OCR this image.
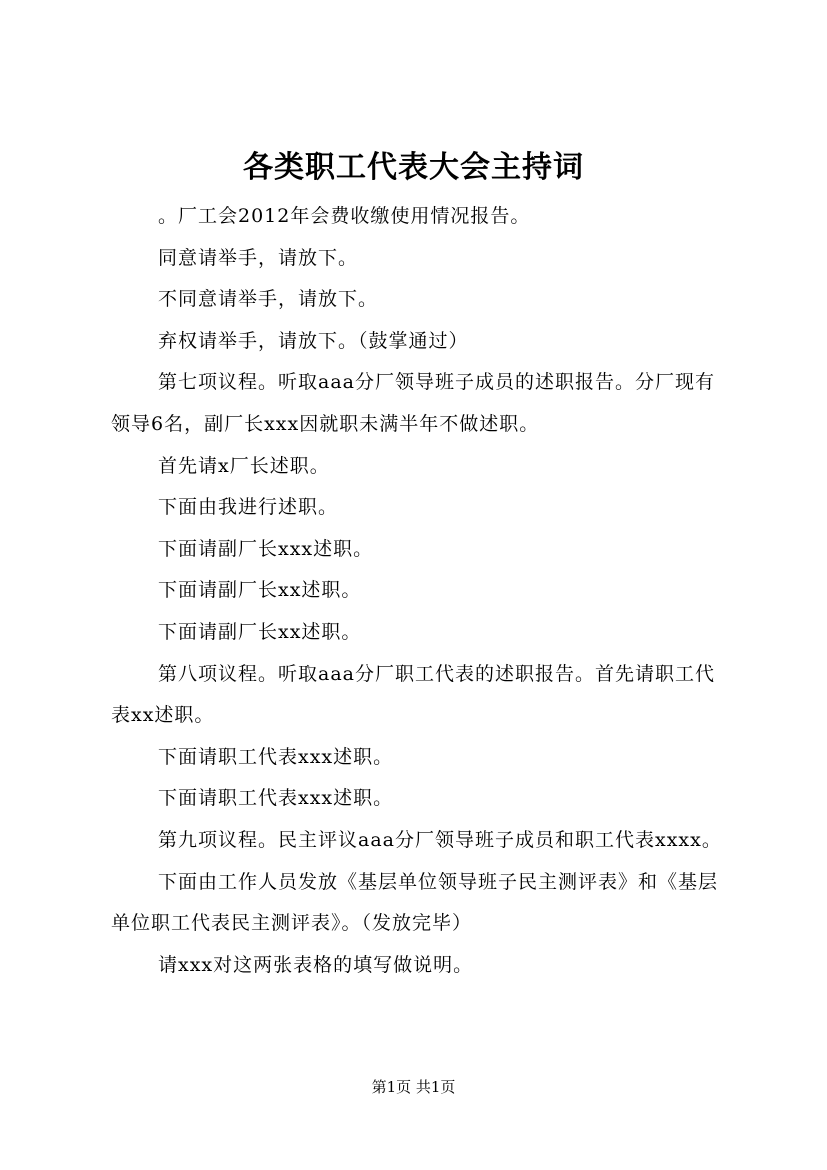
各类职工代表大会主持词

。厂工会2012年会费收缴使用情况报告。

同意请举手，请放下。

不同意请举手，请放下。

弃权请举手，请放下。（鼓掌通过）

第七项议程。听取aaa分厂领导班子成员的述职报告。分厂现有领导6名，副厂长xxx因就职未满半年不做述职。

首先请x厂长述职。

下面由我进行述职。

下面请副厂长xxx述职。

下面请副厂长xx述职。

下面请副厂长xx述职。

第八项议程。听取aaa分厂职工代表的述职报告。首先请职工代表xx述职。

下面请职工代表xxx述职。

下面请职工代表xxx述职。

第九项议程。民主评议aaa分厂领导班子成员和职工代表xxxx。

下面由工作人员发放《基层单位领导班子民主测评表》和《基层单位职工代表民主测评表》。（发放完毕）

请xxx对这两张表格的填写做说明。

第1页 共1页
